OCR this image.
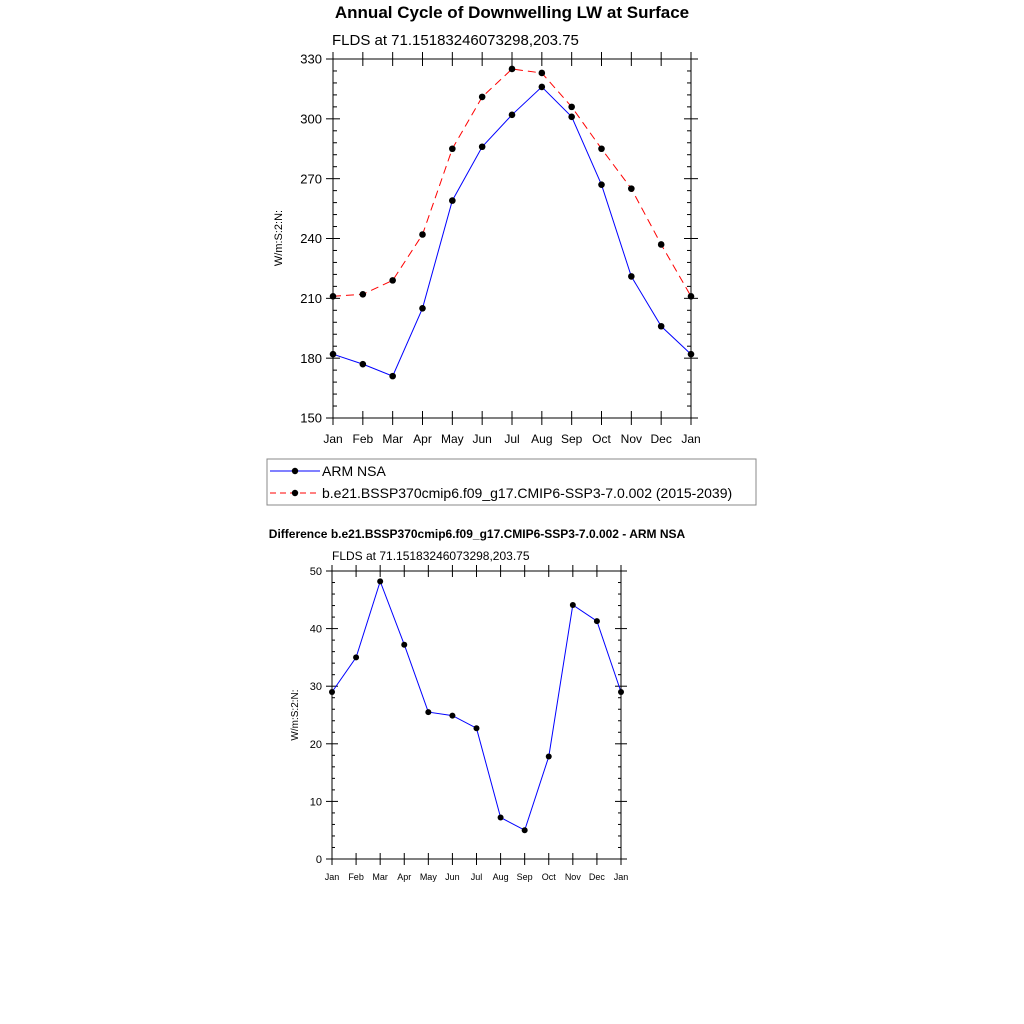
Annual Cycle of Downwelling LW at Surface
FLDS at 71.15183246073298,203.75
W/m:S:2:N:
150
180
210
240
270
300
330
Jan Feb Mar Apr May Jun Jul Aug Sep Oct Nov Dec Jan
ARM NSA
b.e21.BSSP370cmip6.f09_g17.CMIP6-SSP3-7.0.002 (2015-2039)
Difference b.e21.BSSP370cmip6.f09_g17.CMIP6-SSP3-7.0.002 - ARM NSA
FLDS at 71.15183246073298,203.75
W/m:S:2:N:
0
10
20
30
40
50
Jan Feb Mar Apr May Jun Jul Aug Sep Oct Nov Dec Jan
